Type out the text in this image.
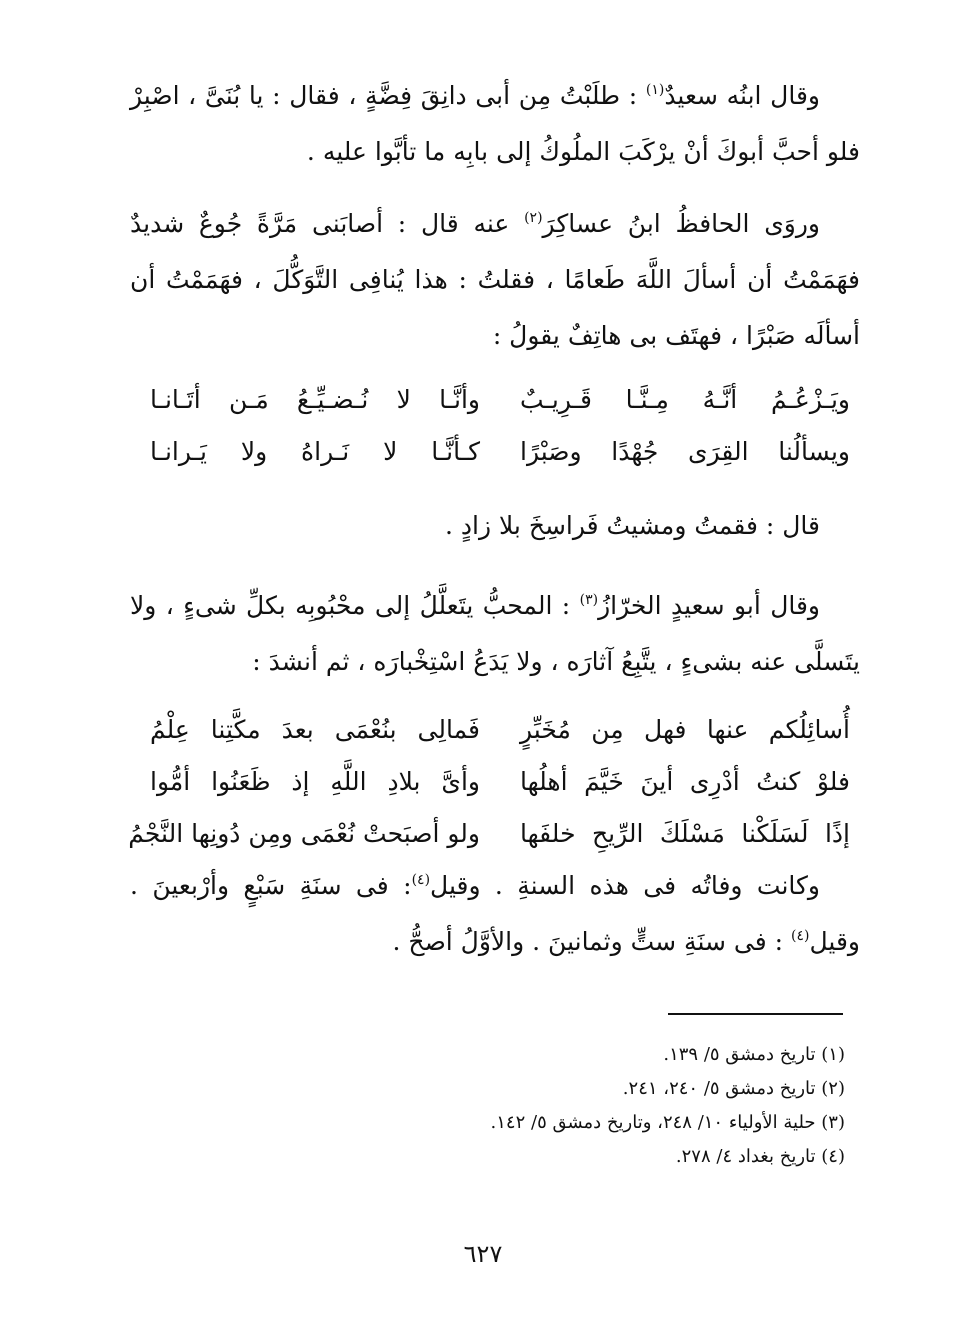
وقال ابنُه سعيدٌ$^{(١)}$ : طلَبْتُ مِن أبى دانِقَ فِضَّةٍ ، فقال : يا بُنَىَّ ، اصْبِرْ فلو أحبَّ أبوكَ أنْ يرْكَبَ الملُوكُ إلى بابِه ما تأبَّوا عليه .

وروَى الحافظُ ابنُ عساكِرَ$^{(٢)}$ عنه قال : أصابَنى مَرَّةً جُوعٌ شديدٌ فهَمَمْتُ أن أسألَ اللَّهَ طَعامًا ، فقلتُ : هذا يُنافِى التَّوَكُّلَ ، فهَمَمْتُ أن أسألَه صَبْرًا ، فهتَف بى هاتِفٌ يقولُ :

ويَـزْعُـمُ أنَّـهُ مِـنَّـا قَـرِيـبٌ
وأنَّـا لا نُـضـيِّـعُ مَـن أتَـانـا
ويسألُنا القِرَى جُهْدًا وصَبْرًا
كـأنَّـا لا نَـراهُ ولا يَـرانـا

قال : فقمتُ ومشيتُ فَراسِخَ بلا زادٍ .

وقال أبو سعيدٍ الخرّازُ$^{(٣)}$ : المحبُّ يتَعلَّلُ إلى محْبُوبِه بكلِّ شىءٍ ، ولا يتَسلَّى عنه بشىءٍ ، يتَّبِعُ آثارَه ، ولا يَدَعُ اسْتِخْبارَه ، ثم أنشدَ :

أُسائِلُكم عنها فهل مِن مُخَبِّرٍ
فَمالِى بنُعْمَى بعدَ مكَّتِنا عِلْمُ
فلوْ كنتُ أدْرِى أينَ خَيَّمَ أهلُها
وأىَّ بلادِ اللَّهِ إذ ظَعَنُوا أمُّوا
إذًا لَسَلَكْنا مَسْلَكَ الرِّيحِ خلفَها
ولو أصبَحتْ نُعْمَى ومِن دُونِها النَّجْمُ

وكانت وفاتُه فى هذه السنةِ . وقيل$^{(٤)}$: فى سنَةِ سَبْعٍ وأرْبعينَ . وقيل$^{(٤)}$ : فى سنَةِ ستٍّ وثمانينَ . والأوَّلُ أصحُّ .

(١) تاريخ دمشق ٥/ ١٣٩.
(٢) تاريخ دمشق ٥/ ٢٤٠، ٢٤١.
(٣) حلية الأولياء ١٠/ ٢٤٨، وتاريخ دمشق ٥/ ١٤٢.
(٤) تاريخ بغداد ٤/ ٢٧٨.
٦٢٧
